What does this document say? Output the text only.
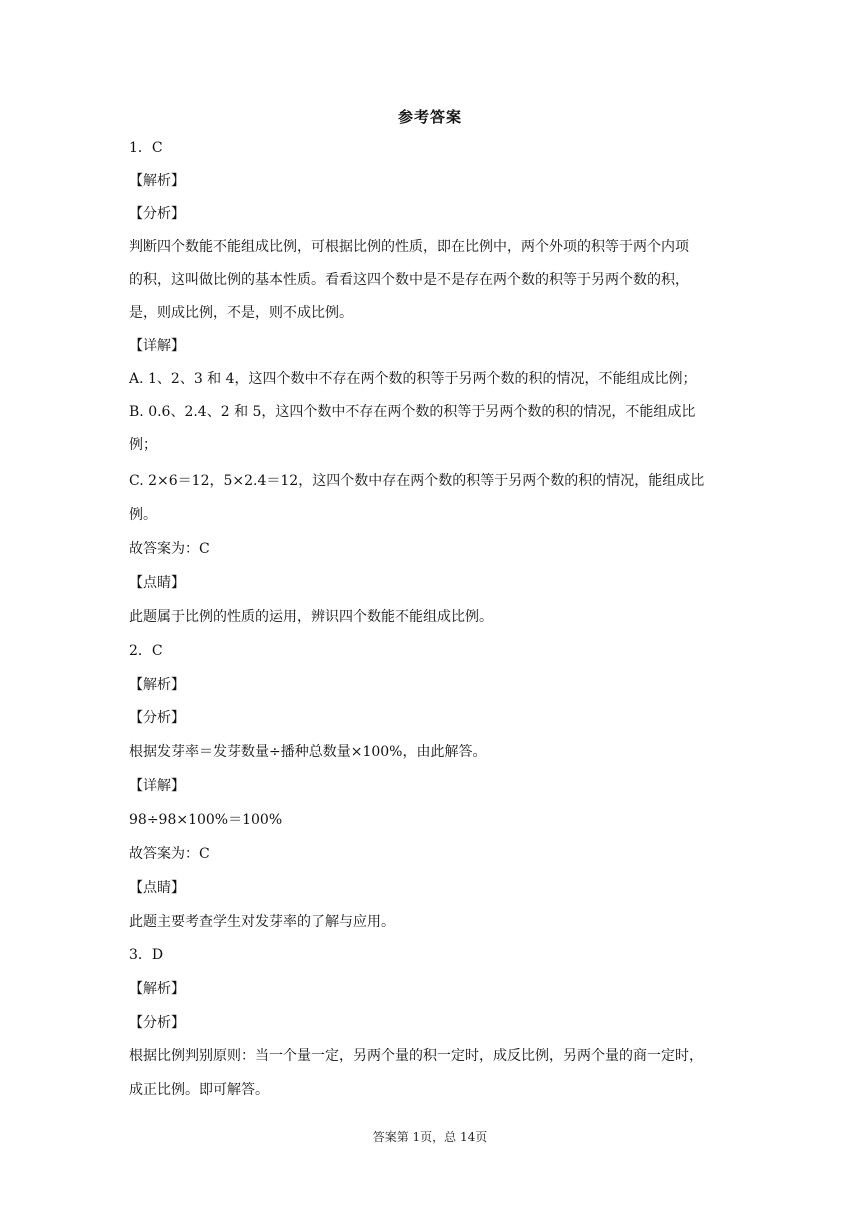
参考答案
1．C
【解析】
【分析】
判断四个数能不能组成比例，可根据比例的性质，即在比例中，两个外项的积等于两个内项
的积，这叫做比例的基本性质。看看这四个数中是不是存在两个数的积等于另两个数的积，
是，则成比例，不是，则不成比例。
【详解】
A. 1、2、3 和 4，这四个数中不存在两个数的积等于另两个数的积的情况，不能组成比例；
B. 0.6、2.4、2 和 5，这四个数中不存在两个数的积等于另两个数的积的情况，不能组成比
例；
C. 2×6＝12，5×2.4＝12，这四个数中存在两个数的积等于另两个数的积的情况，能组成比
例。
故答案为：C
【点睛】
此题属于比例的性质的运用，辨识四个数能不能组成比例。
2．C
【解析】
【分析】
根据发芽率＝发芽数量÷播种总数量×100%，由此解答。
【详解】
98÷98×100%＝100%
故答案为：C
【点睛】
此题主要考查学生对发芽率的了解与应用。
3．D
【解析】
【分析】
根据比例判别原则：当一个量一定，另两个量的积一定时，成反比例，另两个量的商一定时，
成正比例。即可解答。
答案第 1页，总 14页
